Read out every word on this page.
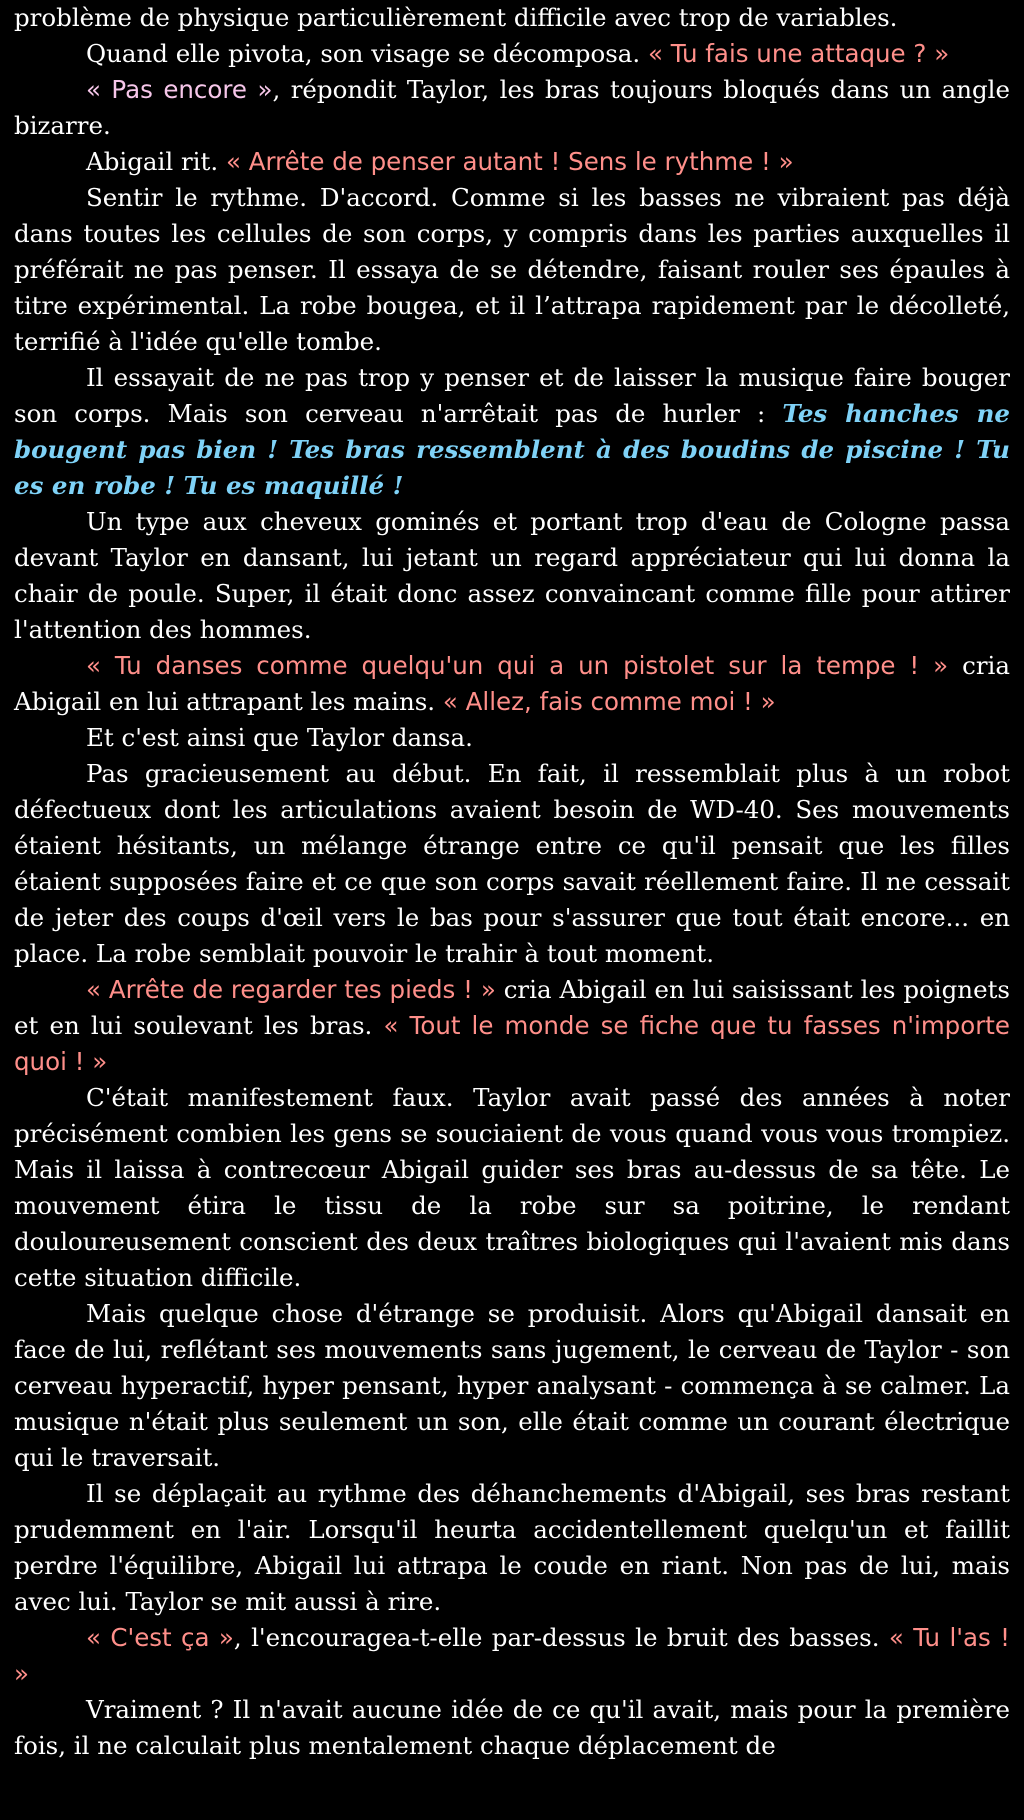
problème de physique particulièrement difficile avec trop de variables.

Quand elle pivota, son visage se décomposa. « Tu fais une attaque ? »

« Pas encore », répondit Taylor, les bras toujours bloqués dans un angle bizarre.

Abigail rit. « Arrête de penser autant ! Sens le rythme ! »

Sentir le rythme. D'accord. Comme si les basses ne vibraient pas déjà dans toutes les cellules de son corps, y compris dans les parties auxquelles il préférait ne pas penser. Il essaya de se détendre, faisant rouler ses épaules à titre expérimental. La robe bougea, et il l’attrapa rapidement par le décolleté, terrifié à l'idée qu'elle tombe.

Il essayait de ne pas trop y penser et de laisser la musique faire bouger son corps. Mais son cerveau n'arrêtait pas de hurler : Tes hanches ne bougent pas bien ! Tes bras ressemblent à des boudins de piscine ! Tu es en robe ! Tu es maquillé !

Un type aux cheveux gominés et portant trop d'eau de Cologne passa devant Taylor en dansant, lui jetant un regard appréciateur qui lui donna la chair de poule. Super, il était donc assez convaincant comme fille pour attirer l'attention des hommes.

« Tu danses comme quelqu'un qui a un pistolet sur la tempe ! » cria Abigail en lui attrapant les mains. « Allez, fais comme moi ! »

Et c'est ainsi que Taylor dansa.

Pas gracieusement au début. En fait, il ressemblait plus à un robot défectueux dont les articulations avaient besoin de WD-40. Ses mouvements étaient hésitants, un mélange étrange entre ce qu'il pensait que les filles étaient supposées faire et ce que son corps savait réellement faire. Il ne cessait de jeter des coups d'œil vers le bas pour s'assurer que tout était encore... en place. La robe semblait pouvoir le trahir à tout moment.

« Arrête de regarder tes pieds ! » cria Abigail en lui saisissant les poignets et en lui soulevant les bras. « Tout le monde se fiche que tu fasses n'importe quoi ! »

C'était manifestement faux. Taylor avait passé des années à noter précisément combien les gens se souciaient de vous quand vous vous trompiez. Mais il laissa à contrecœur Abigail guider ses bras au-dessus de sa tête. Le mouvement étira le tissu de la robe sur sa poitrine, le rendant douloureusement conscient des deux traîtres biologiques qui l'avaient mis dans cette situation difficile.

Mais quelque chose d'étrange se produisit. Alors qu'Abigail dansait en face de lui, reflétant ses mouvements sans jugement, le cerveau de Taylor - son cerveau hyperactif, hyper pensant, hyper analysant - commença à se calmer. La musique n'était plus seulement un son, elle était comme un courant électrique qui le traversait.

Il se déplaçait au rythme des déhanchements d'Abigail, ses bras restant prudemment en l'air. Lorsqu'il heurta accidentellement quelqu'un et faillit perdre l'équilibre, Abigail lui attrapa le coude en riant. Non pas de lui, mais avec lui. Taylor se mit aussi à rire.

« C'est ça », l'encouragea-t-elle par-dessus le bruit des basses. « Tu l'as ! »

Vraiment ? Il n'avait aucune idée de ce qu'il avait, mais pour la première fois, il ne calculait plus mentalement chaque déplacement de
